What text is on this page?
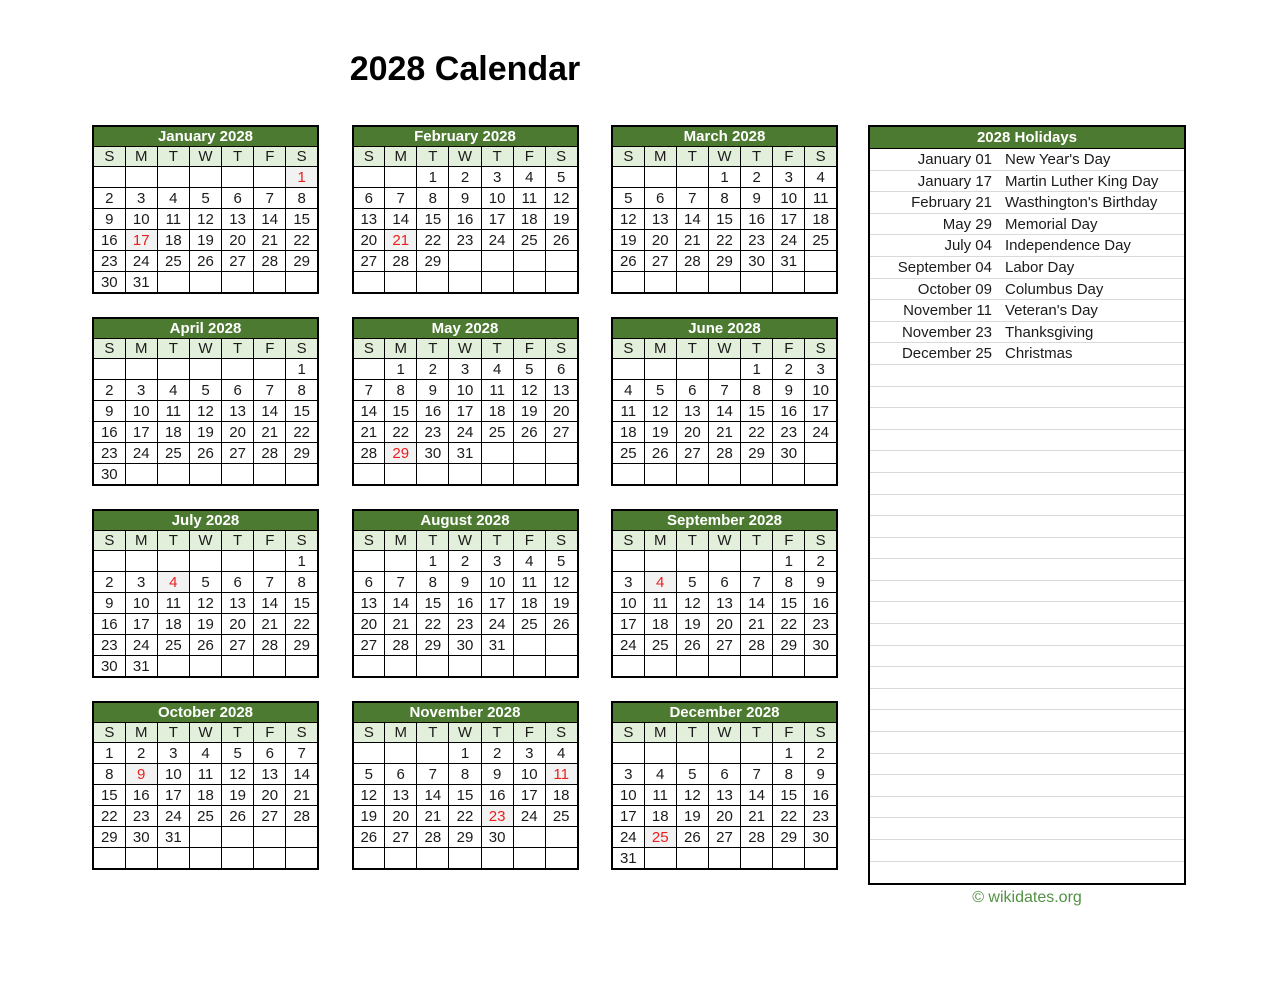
2028 Calendar
January 2028						
S	M	T	W	T	F	S
						1
2	3	4	5	6	7	8
9	10	11	12	13	14	15
16	17	18	19	20	21	22
23	24	25	26	27	28	29
30	31					
February 2028						
S	M	T	W	T	F	S
		1	2	3	4	5
6	7	8	9	10	11	12
13	14	15	16	17	18	19
20	21	22	23	24	25	26
27	28	29				

March 2028						
S	M	T	W	T	F	S
			1	2	3	4
5	6	7	8	9	10	11
12	13	14	15	16	17	18
19	20	21	22	23	24	25
26	27	28	29	30	31	

April 2028						
S	M	T	W	T	F	S
						1
2	3	4	5	6	7	8
9	10	11	12	13	14	15
16	17	18	19	20	21	22
23	24	25	26	27	28	29
30						
May 2028						
S	M	T	W	T	F	S
	1	2	3	4	5	6
7	8	9	10	11	12	13
14	15	16	17	18	19	20
21	22	23	24	25	26	27
28	29	30	31			

June 2028						
S	M	T	W	T	F	S
				1	2	3
4	5	6	7	8	9	10
11	12	13	14	15	16	17
18	19	20	21	22	23	24
25	26	27	28	29	30	

July 2028						
S	M	T	W	T	F	S
						1
2	3	4	5	6	7	8
9	10	11	12	13	14	15
16	17	18	19	20	21	22
23	24	25	26	27	28	29
30	31					
August 2028						
S	M	T	W	T	F	S
		1	2	3	4	5
6	7	8	9	10	11	12
13	14	15	16	17	18	19
20	21	22	23	24	25	26
27	28	29	30	31		

September 2028						
S	M	T	W	T	F	S
					1	2
3	4	5	6	7	8	9
10	11	12	13	14	15	16
17	18	19	20	21	22	23
24	25	26	27	28	29	30

October 2028						
S	M	T	W	T	F	S
1	2	3	4	5	6	7
8	9	10	11	12	13	14
15	16	17	18	19	20	21
22	23	24	25	26	27	28
29	30	31				

November 2028						
S	M	T	W	T	F	S
			1	2	3	4
5	6	7	8	9	10	11
12	13	14	15	16	17	18
19	20	21	22	23	24	25
26	27	28	29	30		

December 2028						
S	M	T	W	T	F	S
					1	2
3	4	5	6	7	8	9
10	11	12	13	14	15	16
17	18	19	20	21	22	23
24	25	26	27	28	29	30
31						
2028 Holidays
January 01 New Year's Day
January 17 Martin Luther King Day
February 21 Wasthington's Birthday
May 29 Memorial Day
July 04 Independence Day
September 04 Labor Day
October 09 Columbus Day
November 11 Veteran's Day
November 23 Thanksgiving
December 25 Christmas
© wikidates.org
